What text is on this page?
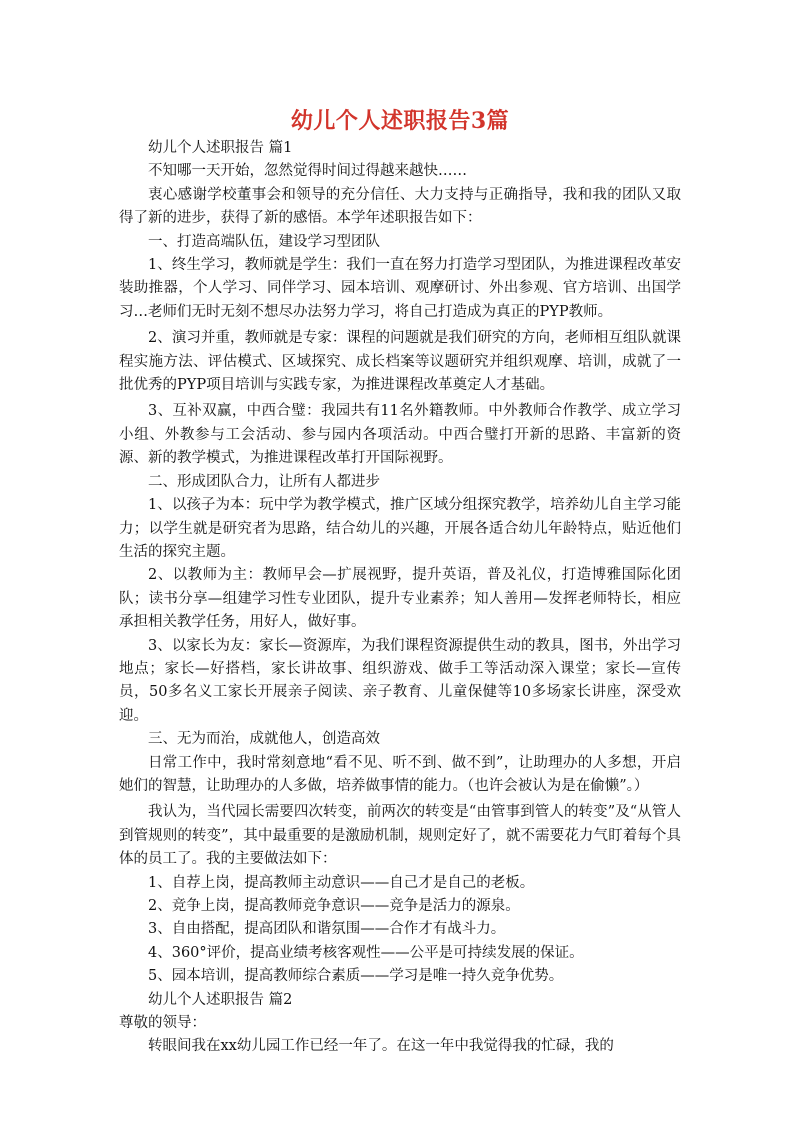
幼儿个人述职报告3篇

幼儿个人述职报告 篇1

不知哪一天开始，忽然觉得时间过得越来越快……

衷心感谢学校董事会和领导的充分信任、大力支持与正确指导，我和我的团队又取得了新的进步，获得了新的感悟。本学年述职报告如下：

一、打造高端队伍，建设学习型团队

1、终生学习，教师就是学生：我们一直在努力打造学习型团队，为推进课程改革安装助推器，个人学习、同伴学习、园本培训、观摩研讨、外出参观、官方培训、出国学习…老师们无时无刻不想尽办法努力学习，将自己打造成为真正的PYP教师。

2、演习并重，教师就是专家：课程的问题就是我们研究的方向，老师相互组队就课程实施方法、评估模式、区域探究、成长档案等议题研究并组织观摩、培训，成就了一批优秀的PYP项目培训与实践专家，为推进课程改革奠定人才基础。

3、互补双赢，中西合璧：我园共有11名外籍教师。中外教师合作教学、成立学习小组、外教参与工会活动、参与园内各项活动。中西合璧打开新的思路、丰富新的资源、新的教学模式，为推进课程改革打开国际视野。

二、形成团队合力，让所有人都进步

1、以孩子为本：玩中学为教学模式，推广区域分组探究教学，培养幼儿自主学习能力；以学生就是研究者为思路，结合幼儿的兴趣，开展各适合幼儿年龄特点，贴近他们生活的探究主题。

2、以教师为主：教师早会—扩展视野，提升英语，普及礼仪，打造博雅国际化团队；读书分享—组建学习性专业团队，提升专业素养；知人善用—发挥老师特长，相应承担相关教学任务，用好人，做好事。

3、以家长为友：家长—资源库，为我们课程资源提供生动的教具，图书，外出学习地点；家长—好搭档，家长讲故事、组织游戏、做手工等活动深入课堂；家长—宣传员，50多名义工家长开展亲子阅读、亲子教育、儿童保健等10多场家长讲座，深受欢迎。

三、无为而治，成就他人，创造高效

日常工作中，我时常刻意地“看不见、听不到、做不到”，让助理办的人多想，开启她们的智慧，让助理办的人多做，培养做事情的能力。（也许会被认为是在偷懒”。）

我认为，当代园长需要四次转变，前两次的转变是“由管事到管人的转变”及“从管人到管规则的转变”，其中最重要的是激励机制，规则定好了，就不需要花力气盯着每个具体的员工了。我的主要做法如下：

1、自荐上岗，提高教师主动意识——自己才是自己的老板。

2、竞争上岗，提高教师竞争意识——竞争是活力的源泉。

3、自由搭配，提高团队和谐氛围——合作才有战斗力。

4、360°评价，提高业绩考核客观性——公平是可持续发展的保证。

5、园本培训，提高教师综合素质——学习是唯一持久竞争优势。

幼儿个人述职报告 篇2

尊敬的领导：

转眼间我在xx幼儿园工作已经一年了。在这一年中我觉得我的忙碌，我的
